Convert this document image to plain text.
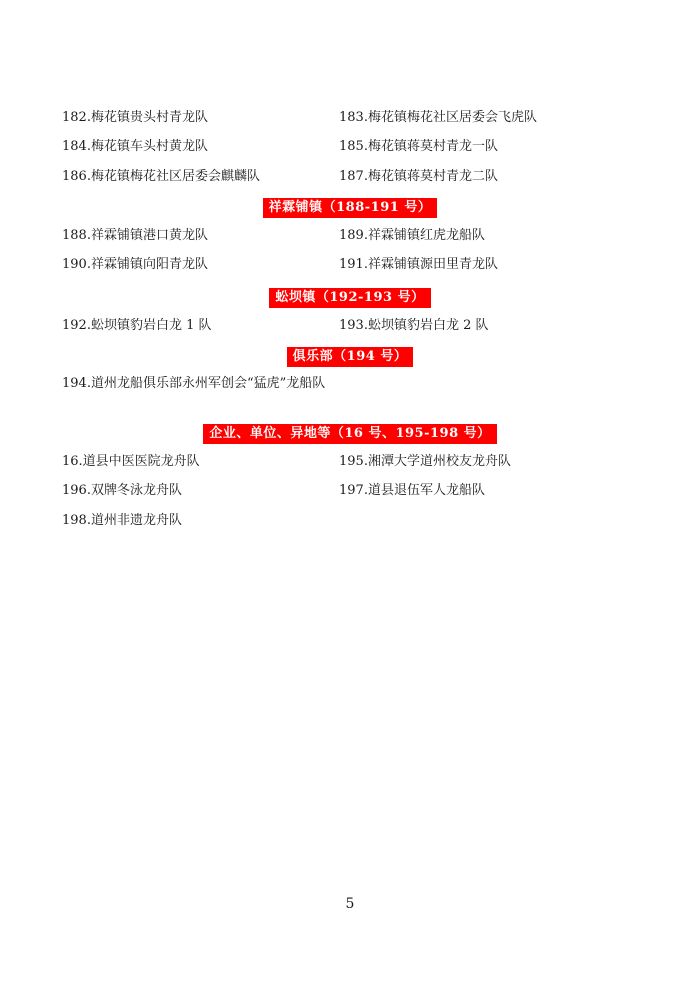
182.梅花镇贵头村青龙队	183.梅花镇梅花社区居委会飞虎队
184.梅花镇车头村黄龙队	185.梅花镇蒋莫村青龙一队
186.梅花镇梅花社区居委会麒麟队	187.梅花镇蒋莫村青龙二队
祥霖铺镇（188-191 号）
188.祥霖铺镇港口黄龙队	189.祥霖铺镇红虎龙船队
190.祥霖铺镇向阳青龙队	191.祥霖铺镇源田里青龙队
蚣坝镇（192-193 号）
192.蚣坝镇豹岩白龙 1 队	193.蚣坝镇豹岩白龙 2 队
俱乐部（194 号）
194.道州龙船俱乐部永州军创会“猛虎”龙船队
企业、单位、异地等（16 号、195-198 号）
16.道县中医医院龙舟队	195.湘潭大学道州校友龙舟队
196.双牌冬泳龙舟队	197.道县退伍军人龙船队
198.道州非遗龙舟队
5
